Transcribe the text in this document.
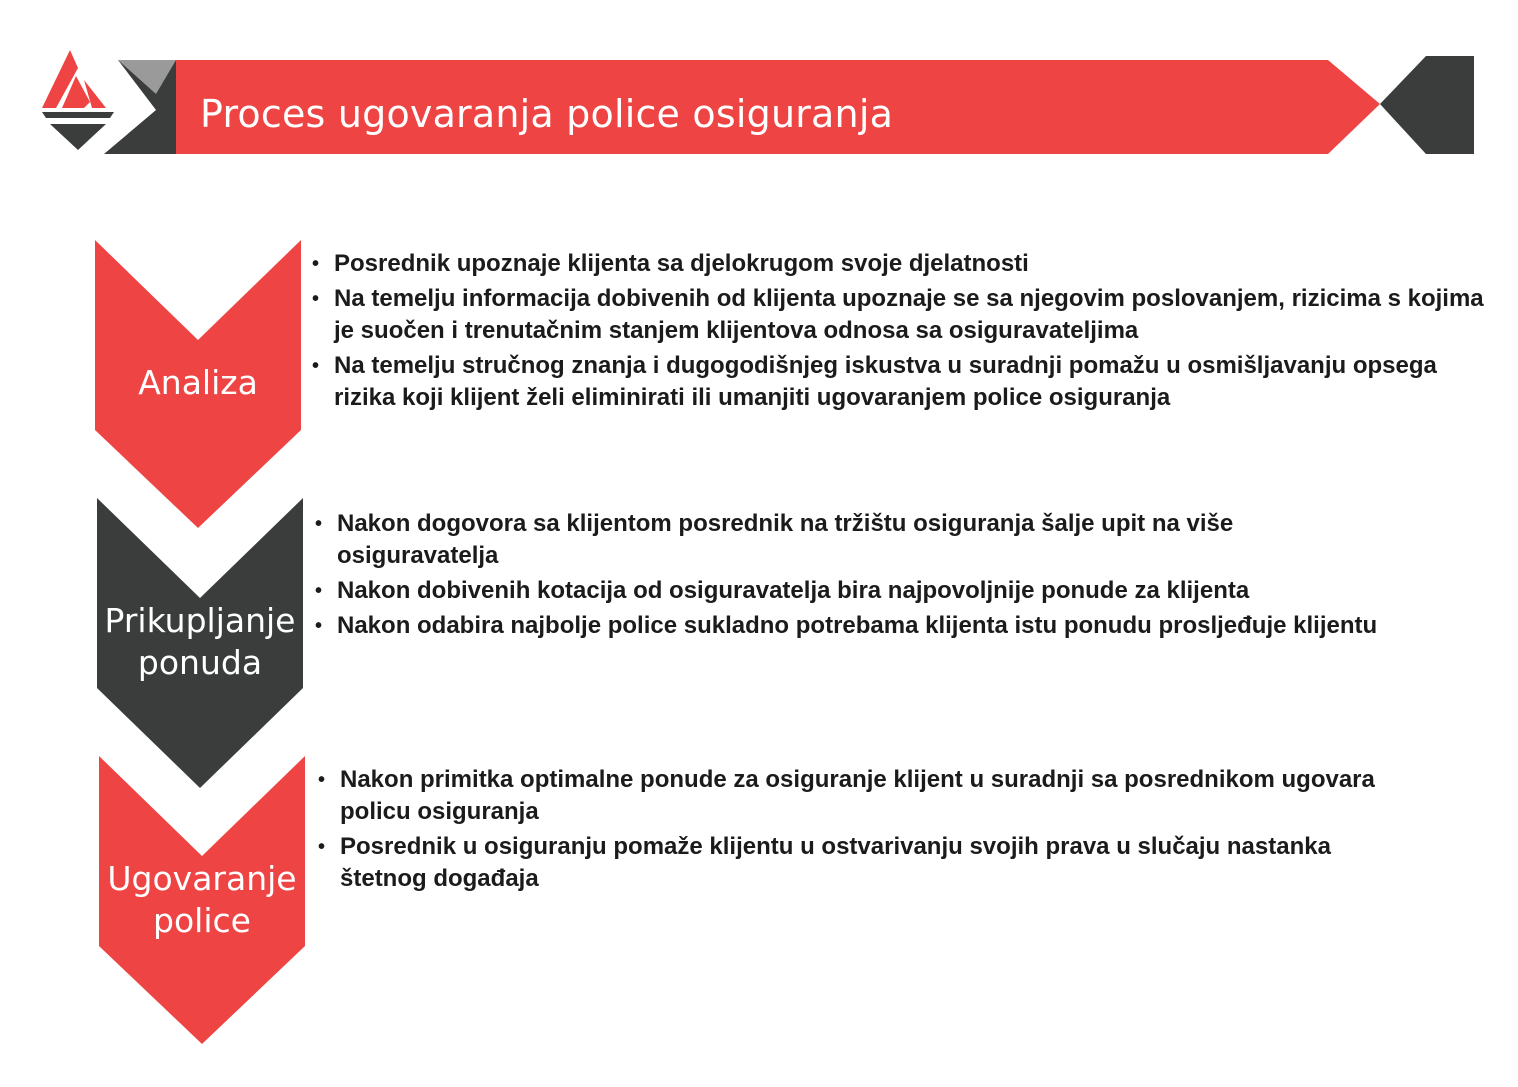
Proces ugovaranja police osiguranja
Analiza
• Posrednik upoznaje klijenta sa djelokrugom svoje djelatnosti
• Na temelju informacija dobivenih od klijenta upoznaje se sa njegovim poslovanjem, rizicima s kojima je suočen i trenutačnim stanjem klijentova odnosa sa osiguravateljima
• Na temelju stručnog znanja i dugogodišnjeg iskustva u suradnji pomažu u osmišljavanju opsega rizika koji klijent želi eliminirati ili umanjiti ugovaranjem police osiguranja
Prikupljanje
ponuda
• Nakon dogovora sa klijentom posrednik na tržištu osiguranja šalje upit na više osiguravatelja
• Nakon dobivenih kotacija od osiguravatelja bira najpovoljnije ponude za klijenta
• Nakon odabira najbolje police sukladno potrebama klijenta istu ponudu prosljeđuje klijentu
Ugovaranje
police
• Nakon primitka optimalne ponude za osiguranje klijent u suradnji sa posrednikom ugovara policu osiguranja
• Posrednik u osiguranju pomaže klijentu u ostvarivanju svojih prava u slučaju nastanka štetnog događaja
